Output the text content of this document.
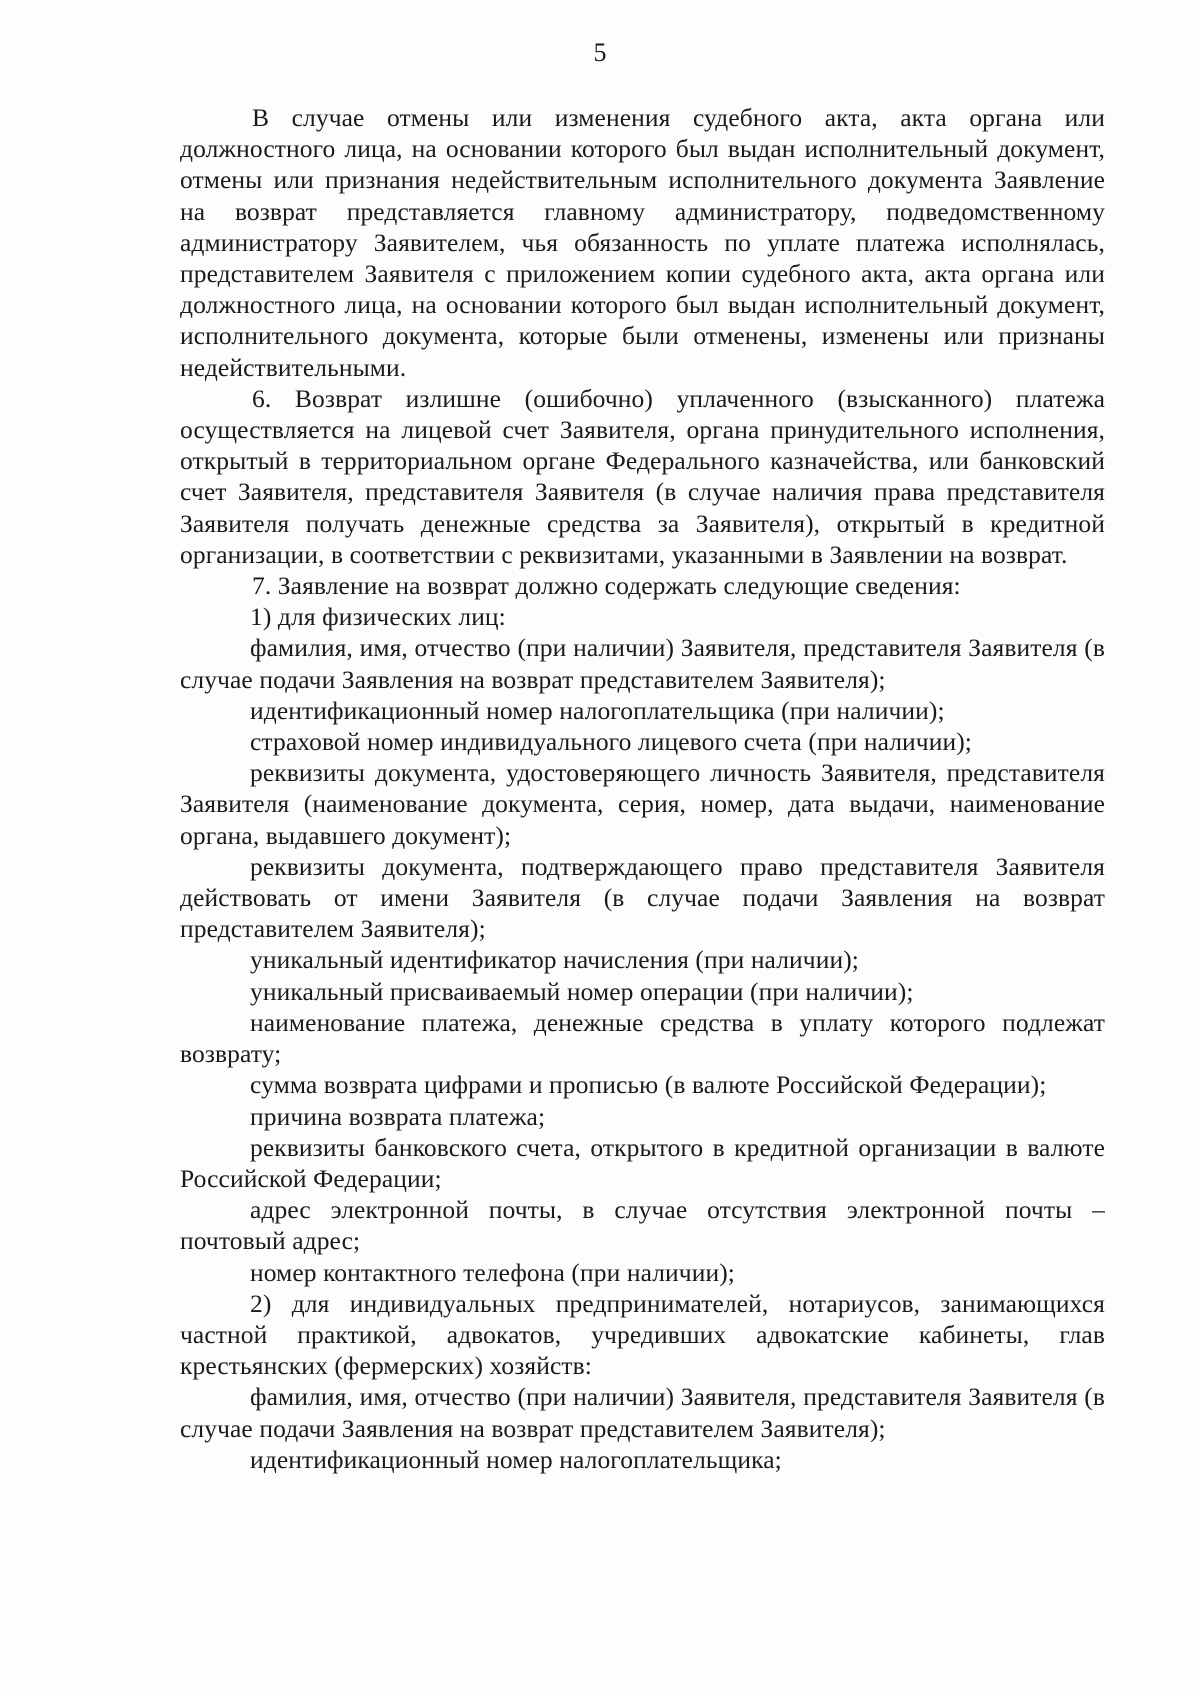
5

В случае отмены или изменения судебного акта, акта органа или должностного лица, на основании которого был выдан исполнительный документ, отмены или признания недействительным исполнительного документа Заявление на возврат представляется главному администратору, подведомственному администратору Заявителем, чья обязанность по уплате платежа исполнялась, представителем Заявителя с приложением копии судебного акта, акта органа или должностного лица, на основании которого был выдан исполнительный документ, исполнительного документа, которые были отменены, изменены или признаны недействительными.

6. Возврат излишне (ошибочно) уплаченного (взысканного) платежа осуществляется на лицевой счет Заявителя, органа принудительного исполнения, открытый в территориальном органе Федерального казначейства, или банковский счет Заявителя, представителя Заявителя (в случае наличия права представителя Заявителя получать денежные средства за Заявителя), открытый в кредитной организации, в соответствии с реквизитами, указанными в Заявлении на возврат.

7. Заявление на возврат должно содержать следующие сведения:

1) для физических лиц:

фамилия, имя, отчество (при наличии) Заявителя, представителя Заявителя (в случае подачи Заявления на возврат представителем Заявителя);

идентификационный номер налогоплательщика (при наличии);

страховой номер индивидуального лицевого счета (при наличии);

реквизиты документа, удостоверяющего личность Заявителя, представителя Заявителя (наименование документа, серия, номер, дата выдачи, наименование органа, выдавшего документ);

реквизиты документа, подтверждающего право представителя Заявителя действовать от имени Заявителя (в случае подачи Заявления на возврат представителем Заявителя);

уникальный идентификатор начисления (при наличии);

уникальный присваиваемый номер операции (при наличии);

наименование платежа, денежные средства в уплату которого подлежат возврату;

сумма возврата цифрами и прописью (в валюте Российской Федерации);

причина возврата платежа;

реквизиты банковского счета, открытого в кредитной организации в валюте Российской Федерации;

адрес электронной почты, в случае отсутствия электронной почты – почтовый адрес;

номер контактного телефона (при наличии);

2) для индивидуальных предпринимателей, нотариусов, занимающихся частной практикой, адвокатов, учредивших адвокатские кабинеты, глав крестьянских (фермерских) хозяйств:

фамилия, имя, отчество (при наличии) Заявителя, представителя Заявителя (в случае подачи Заявления на возврат представителем Заявителя);

идентификационный номер налогоплательщика;
